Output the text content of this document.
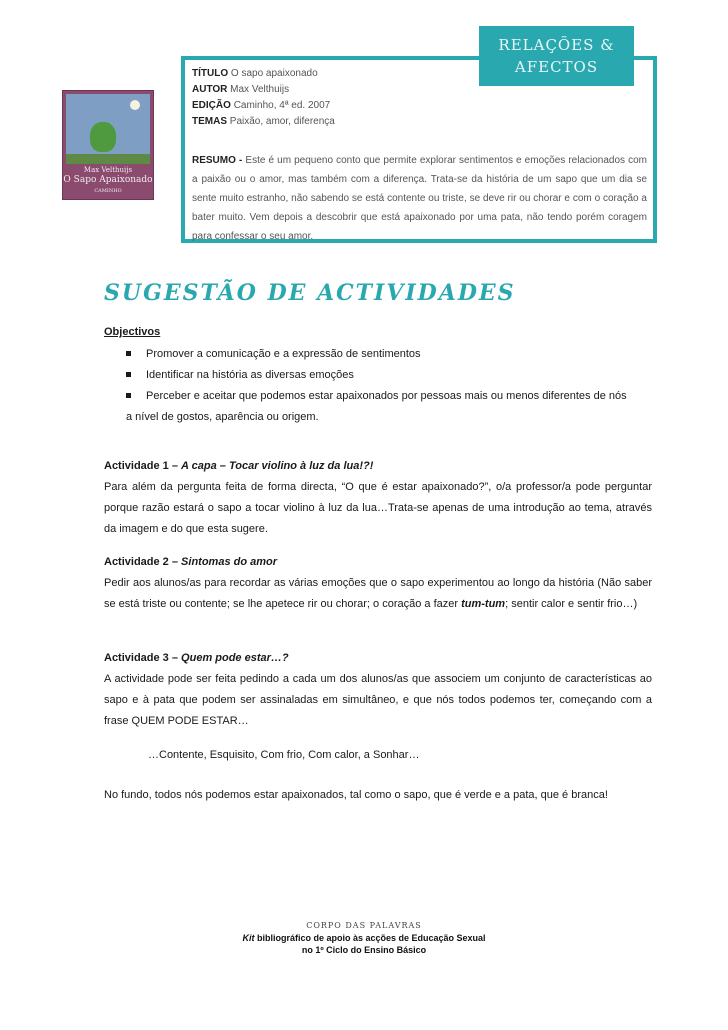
RELAÇÕES &
AFECTOS
Max Velthuijs
O Sapo Apaixonado
CAMINHO
TÍTULO O sapo apaixonado
AUTOR Max Velthuijs
EDIÇÃO Caminho, 4ª ed. 2007
TEMAS Paixão, amor, diferença
RESUMO - Este é um pequeno conto que permite explorar sentimentos e emoções relacionados com a paixão ou o amor, mas também com a diferença. Trata-se da história de um sapo que um dia se sente muito estranho, não sabendo se está contente ou triste, se deve rir ou chorar e com o coração a bater muito. Vem depois a descobrir que está apaixonado por uma pata, não tendo porém coragem para confessar o seu amor.
SUGESTÃO DE ACTIVIDADES
Objectivos
Promover a comunicação e a expressão de sentimentos
Identificar na história as diversas emoções
Perceber e aceitar que podemos estar apaixonados por pessoas mais ou menos diferentes de nós
a nível de gostos, aparência ou origem.
Actividade 1 – A capa – Tocar violino à luz da lua!?!
Para além da pergunta feita de forma directa, “O que é estar apaixonado?”, o/a professor/a pode perguntar porque razão estará o sapo a tocar violino à luz da lua…Trata-se apenas de uma introdução ao tema, através da imagem e do que esta sugere.
Actividade 2 – Sintomas do amor
Pedir aos alunos/as para recordar as várias emoções que o sapo experimentou ao longo da história (Não saber se está triste ou contente; se lhe apetece rir ou chorar; o coração a fazer tum-tum; sentir calor e sentir frio…)
Actividade 3 – Quem pode estar…?
A actividade pode ser feita pedindo a cada um dos alunos/as que associem um conjunto de características ao sapo e à pata que podem ser assinaladas em simultâneo, e que nós todos podemos ter, começando com a frase QUEM PODE ESTAR…
…Contente, Esquisito, Com frio, Com calor, a Sonhar…
No fundo, todos nós podemos estar apaixonados, tal como o sapo, que é verde e a pata, que é branca!
CORPO DAS PALAVRAS
Kit bibliográfico de apoio às acções de Educação Sexual
no 1º Ciclo do Ensino Básico
